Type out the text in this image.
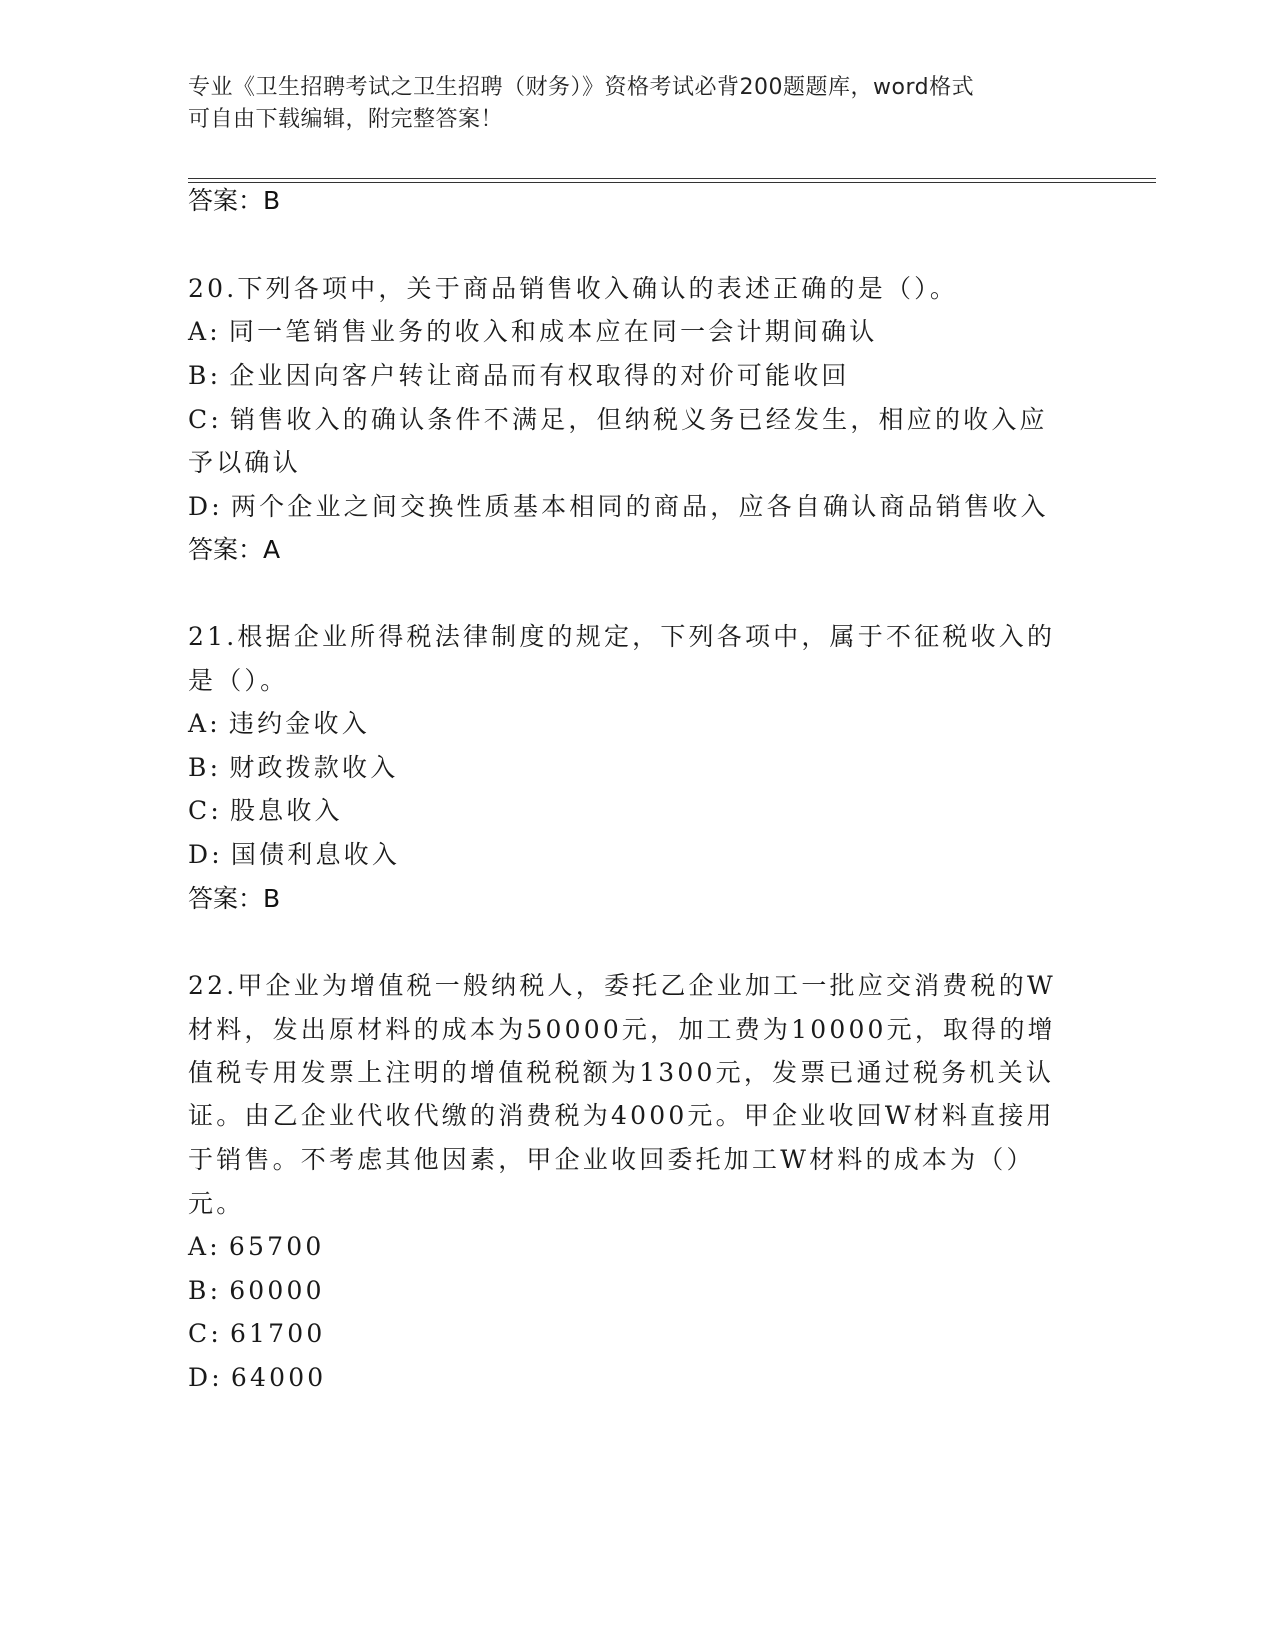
专业《卫生招聘考试之卫生招聘（财务）》资格考试必背200题题库，word格式
可自由下载编辑，附完整答案！
答案：B
20.下列各项中，关于商品销售收入确认的表述正确的是（）。
A: 同一笔销售业务的收入和成本应在同一会计期间确认
B: 企业因向客户转让商品而有权取得的对价可能收回
C: 销售收入的确认条件不满足，但纳税义务已经发生，相应的收入应
予以确认
D: 两个企业之间交换性质基本相同的商品，应各自确认商品销售收入
答案：A
21.根据企业所得税法律制度的规定，下列各项中，属于不征税收入的
是（）。
A: 违约金收入
B: 财政拨款收入
C: 股息收入
D: 国债利息收入
答案：B
22.甲企业为增值税一般纳税人，委托乙企业加工一批应交消费税的W
材料，发出原材料的成本为50000元，加工费为10000元，取得的增
值税专用发票上注明的增值税税额为1300元，发票已通过税务机关认
证。由乙企业代收代缴的消费税为4000元。甲企业收回W材料直接用
于销售。不考虑其他因素，甲企业收回委托加工W材料的成本为（）
元。
A: 65700
B: 60000
C: 61700
D: 64000
